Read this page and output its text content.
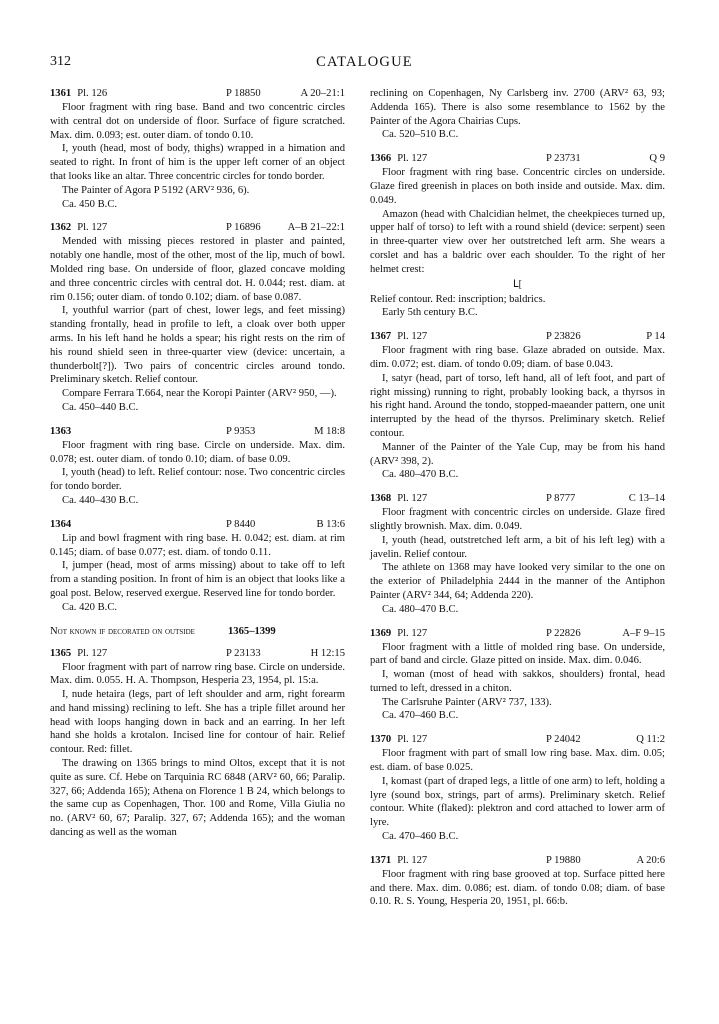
312	CATALOGUE
1361 Pl. 126	P 18850	A 20–21:1

Floor fragment with ring base. Band and two concentric circles with central dot on underside of floor. Surface of figure scratched. Max. dim. 0.093; est. outer diam. of tondo 0.10.

I, youth (head, most of body, thighs) wrapped in a himation and seated to right. In front of him is the upper left corner of an object that looks like an altar. Three concentric circles for tondo border.

The Painter of Agora P 5192 (ARV² 936, 6).

Ca. 450 B.C.

1362 Pl. 127	P 16896	A–B 21–22:1

Mended with missing pieces restored in plaster and painted, notably one handle, most of the other, most of the lip, much of bowl. Molded ring base. On underside of floor, glazed concave molding and three concentric circles with central dot. H. 0.044; rest. diam. at rim 0.156; outer diam. of tondo 0.102; diam. of base 0.087.

I, youthful warrior (part of chest, lower legs, and feet missing) standing frontally, head in profile to left, a cloak over both upper arms. In his left hand he holds a spear; his right rests on the rim of his round shield seen in three-quarter view (device: uncertain, a thunderbolt[?]). Two pairs of concentric circles around tondo. Preliminary sketch. Relief contour.

Compare Ferrara T.664, near the Koropi Painter (ARV² 950, —).

Ca. 450–440 B.C.

1363	P 9353	M 18:8

Floor fragment with ring base. Circle on underside. Max. dim. 0.078; est. outer diam. of tondo 0.10; diam. of base 0.09.

I, youth (head) to left. Relief contour: nose. Two concentric circles for tondo border.

Ca. 440–430 B.C.

1364	P 8440	B 13:6

Lip and bowl fragment with ring base. H. 0.042; est. diam. at rim 0.145; diam. of base 0.077; est. diam. of tondo 0.11.

I, jumper (head, most of arms missing) about to take off to left from a standing position. In front of him is an object that looks like a goal post. Below, reserved exergue. Reserved line for tondo border.

Ca. 420 B.C.

Not known if decorated on outside	1365–1399
1365 Pl. 127	P 23133	H 12:15

Floor fragment with part of narrow ring base. Circle on underside. Max. dim. 0.055. H. A. Thompson, Hesperia 23, 1954, pl. 15:a.

I, nude hetaira (legs, part of left shoulder and arm, right forearm and hand missing) reclining to left. She has a triple fillet around her head with loops hanging down in back and an earring. In her left hand she holds a krotalon. Incised line for contour of hair. Relief contour. Red: fillet.

The drawing on 1365 brings to mind Oltos, except that it is not quite as sure. Cf. Hebe on Tarquinia RC 6848 (ARV² 60, 66; Paralip. 327, 66; Addenda 165); Athena on Florence 1 B 24, which belongs to the same cup as Copenhagen, Thor. 100 and Rome, Villa Giulia no no. (ARV² 60, 67; Paralip. 327, 67; Addenda 165); and the woman dancing as well as the woman

reclining on Copenhagen, Ny Carlsberg inv. 2700 (ARV² 63, 93; Addenda 165). There is also some resemblance to 1562 by the Painter of the Agora Chairias Cups.

Ca. 520–510 B.C.

1366 Pl. 127	P 23731	Q 9

Floor fragment with ring base. Concentric circles on underside. Glaze fired greenish in places on both inside and outside. Max. dim. 0.049.

Amazon (head with Chalcidian helmet, the cheekpieces turned up, upper half of torso) to left with a round shield (device: serpent) seen in three-quarter view over her outstretched left arm. She wears a corslet and has a baldric over each shoulder. To the right of her helmet crest:

ᒪ[

Relief contour. Red: inscription; baldrics.

Early 5th century B.C.

1367 Pl. 127	P 23826	P 14

Floor fragment with ring base. Glaze abraded on outside. Max. dim. 0.072; est. diam. of tondo 0.09; diam. of base 0.043.

I, satyr (head, part of torso, left hand, all of left foot, and part of right missing) running to right, probably looking back, a thyrsos in his right hand. Around the tondo, stopped-maeander pattern, one unit interrupted by the head of the thyrsos. Preliminary sketch. Relief contour.

Manner of the Painter of the Yale Cup, may be from his hand (ARV² 398, 2).

Ca. 480–470 B.C.

1368 Pl. 127	P 8777	C 13–14

Floor fragment with concentric circles on underside. Glaze fired slightly brownish. Max. dim. 0.049.

I, youth (head, outstretched left arm, a bit of his left leg) with a javelin. Relief contour.

The athlete on 1368 may have looked very similar to the one on the exterior of Philadelphia 2444 in the manner of the Antiphon Painter (ARV² 344, 64; Addenda 220).

Ca. 480–470 B.C.

1369 Pl. 127	P 22826	A–F 9–15

Floor fragment with a little of molded ring base. On underside, part of band and circle. Glaze pitted on inside. Max. dim. 0.046.

I, woman (most of head with sakkos, shoulders) frontal, head turned to left, dressed in a chiton.

The Carlsruhe Painter (ARV² 737, 133).

Ca. 470–460 B.C.

1370 Pl. 127	P 24042	Q 11:2

Floor fragment with part of small low ring base. Max. dim. 0.05; est. diam. of base 0.025.

I, komast (part of draped legs, a little of one arm) to left, holding a lyre (sound box, strings, part of arms). Preliminary sketch. Relief contour. White (flaked): plektron and cord attached to lower arm of lyre.

Ca. 470–460 B.C.

1371 Pl. 127	P 19880	A 20:6

Floor fragment with ring base grooved at top. Surface pitted here and there. Max. dim. 0.086; est. diam. of tondo 0.08; diam. of base 0.10. R. S. Young, Hesperia 20, 1951, pl. 66:b.
